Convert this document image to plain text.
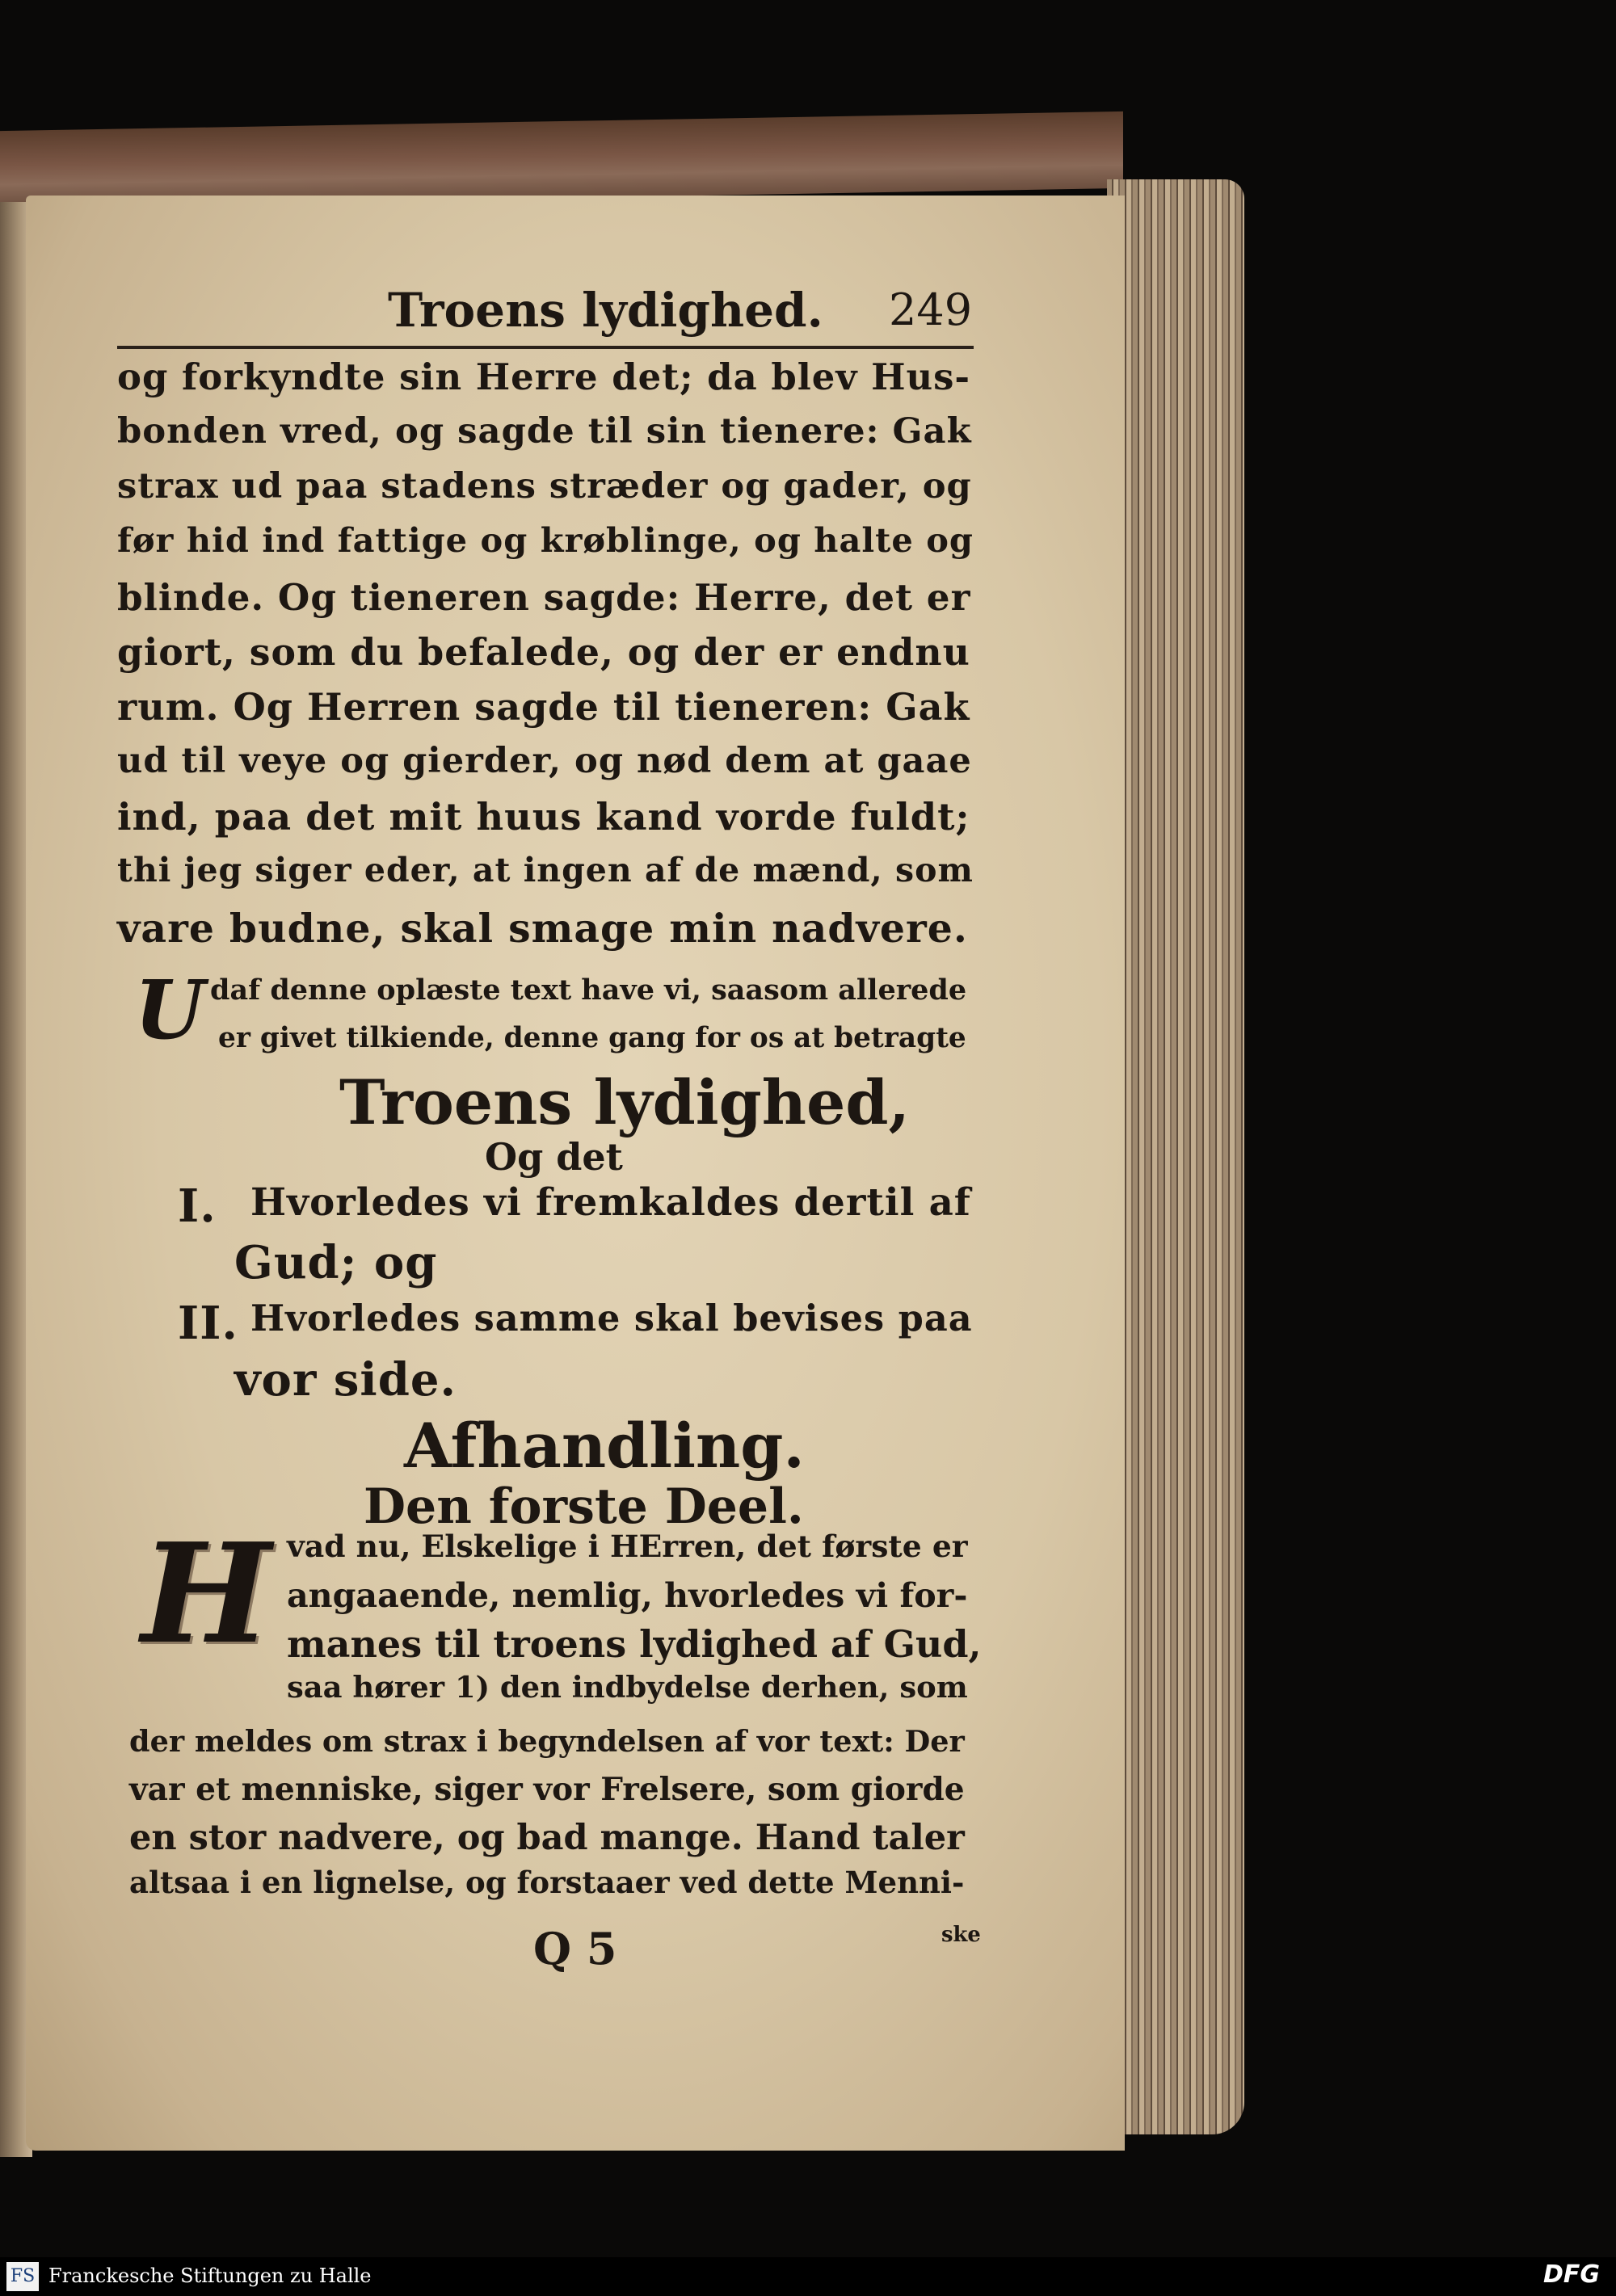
Troens lydighed. 249
og forkyndte sin Herre det; da blev Hus-
bonden vred, og sagde til sin tienere: Gak
strax ud paa stadens stræder og gader, og
før hid ind fattige og krøblinge, og halte og
blinde. Og tieneren sagde: Herre, det er
giort, som du befalede, og der er endnu
rum. Og Herren sagde til tieneren: Gak
ud til veye og gierder, og nød dem at gaae
ind, paa det mit huus kand vorde fuldt;
thi jeg siger eder, at ingen af de mænd, som
vare budne, skal smage min nadvere.
U daf denne oplæste text have vi, saasom allerede
er givet tilkiende, denne gang for os at betragte
Troens lydighed,
Og det
I. Hvorledes vi fremkaldes dertil af
Gud; og
II. Hvorledes samme skal bevises paa
vor side.
Afhandling.
Den forste Deel.
H vad nu, Elskelige i HErren, det første er
angaaende, nemlig, hvorledes vi for-
manes til troens lydighed af Gud,
saa hører 1) den indbydelse derhen, som
der meldes om strax i begyndelsen af vor text: Der
var et menniske, siger vor Frelsere, som giorde
en stor nadvere, og bad mange. Hand taler
altsaa i en lignelse, og forstaaer ved dette Menni-
Q 5	ske
FS Franckesche Stiftungen zu Halle	DFG
